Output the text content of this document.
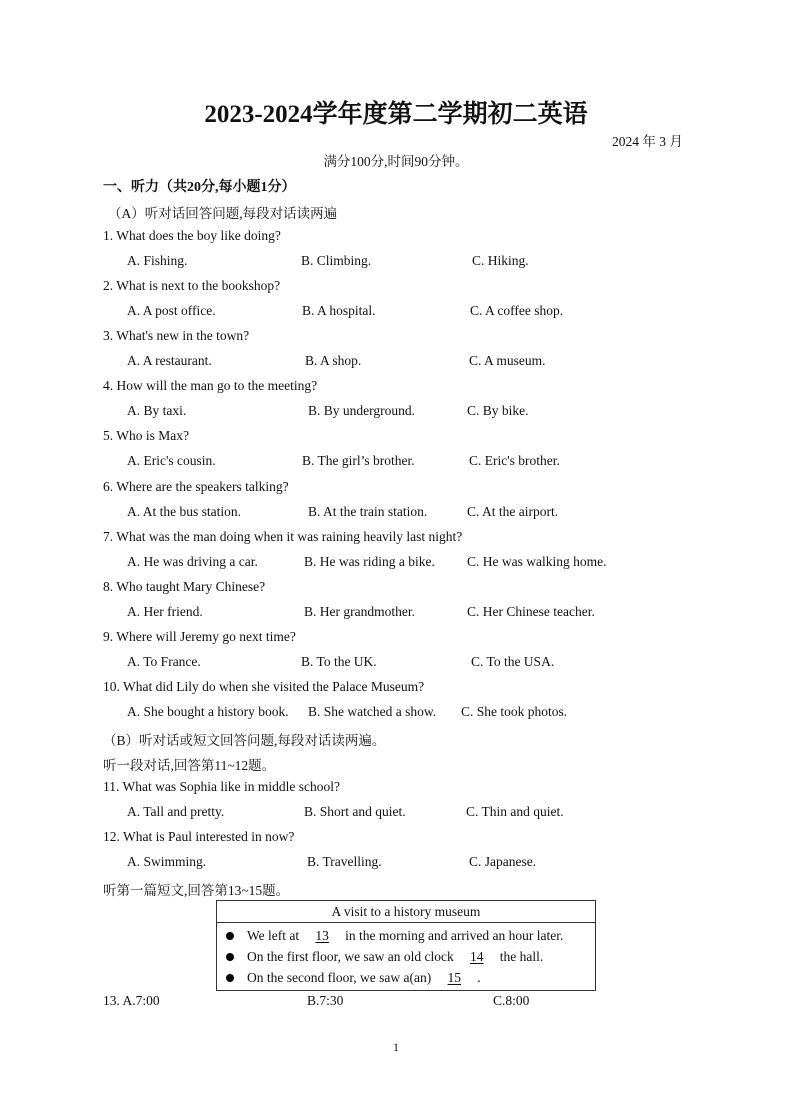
2023-2024学年度第二学期初二英语
2024 年 3 月
满分100分,时间90分钟。
一、听力（共20分,每小题1分）
（A）听对话回答问题,每段对话读两遍
1. What does the boy like doing?
A. Fishing.	B. Climbing.	C. Hiking.
2. What is next to the bookshop?
A. A post office.	B. A hospital.	C. A coffee shop.
3. What's new in the town?
A. A restaurant.	B. A shop.	C. A museum.
4. How will the man go to the meeting?
A. By taxi.	B. By underground.	C. By bike.
5. Who is Max?
A. Eric's cousin.	B. The girl’s brother.	C. Eric's brother.
6. Where are the speakers talking?
A. At the bus station.	B. At the train station.	C. At the airport.
7. What was the man doing when it was raining heavily last night?
A. He was driving a car.	B. He was riding a bike. C. He was walking home.
8. Who taught Mary Chinese?
A. Her friend.	B. Her grandmother.	C. Her Chinese teacher.
9. Where will Jeremy go next time?
A. To France.	B. To the UK.	C. To the USA.
10. What did Lily do when she visited the Palace Museum?
A. She bought a history book. B. She watched a show. C. She took photos.
（B）听对话或短文回答问题,每段对话读两遍。
听一段对话,回答第11~12题。
11. What was Sophia like in middle school?
A. Tall and pretty.	B. Short and quiet.	C. Thin and quiet.
12. What is Paul interested in now?
A. Swimming.	B. Travelling.	C. Japanese.
听第一篇短文,回答第13~15题。
A visit to a history museum

We left at 13 in the morning and arrived an hour later.
On the first floor, we saw an old clock 14 the hall.
On the second floor, we saw a(an) 15 .
13. A.7:00	B.7:30	C.8:00
1
